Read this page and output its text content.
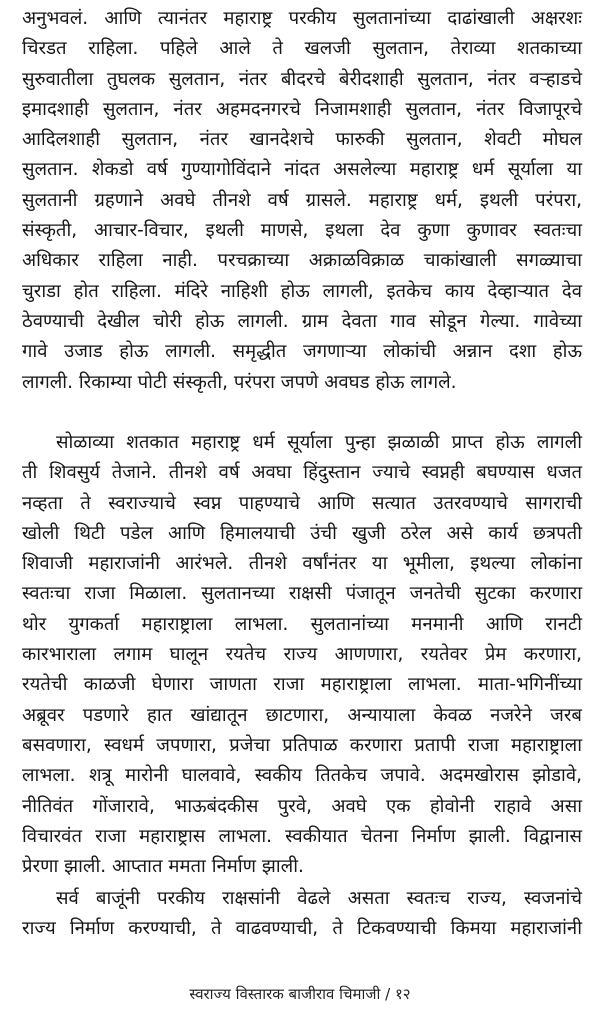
अनुभवलं. आणि त्यानंतर महाराष्ट्र परकीय सुलतानांच्या दाढांखाली अक्षरशः
चिरडत राहिला. पहिले आले ते खलजी सुलतान, तेराव्या शतकाच्या
सुरुवातीला तुघलक सुलतान, नंतर बीदरचे बेरीदशाही सुलतान, नंतर वऱ्हाडचे
इमादशाही सुलतान, नंतर अहमदनगरचे निजामशाही सुलतान, नंतर विजापूरचे
आदिलशाही सुलतान, नंतर खानदेशचे फारुकी सुलतान, शेवटी मोघल
सुलतान. शेकडो वर्ष गुण्यागोविंदाने नांदत असलेल्या महाराष्ट्र धर्म सूर्याला या
सुलतानी ग्रहणाने अवघे तीनशे वर्ष ग्रासले. महाराष्ट्र धर्म, इथली परंपरा,
संस्कृती, आचार-विचार, इथली माणसे, इथला देव कुणा कुणावर स्वतःचा
अधिकार राहिला नाही. परचक्राच्या अक्राळविक्राळ चाकांखाली सगळ्याचा
चुराडा होत राहिला. मंदिरे नाहिशी होऊ लागली, इतकेच काय देव्हाऱ्यात देव
ठेवण्याची देखील चोरी होऊ लागली. ग्राम देवता गाव सोडून गेल्या. गावेच्या
गावे उजाड होऊ लागली. समृद्धीत जगणाऱ्या लोकांची अन्नान दशा होऊ
लागली. रिकाम्या पोटी संस्कृती, परंपरा जपणे अवघड होऊ लागले.
सोळाव्या शतकात महाराष्ट्र धर्म सूर्याला पुन्हा झळाळी प्राप्त होऊ लागली
ती शिवसुर्य तेजाने. तीनशे वर्ष अवघा हिंदुस्तान ज्याचे स्वप्नही बघण्यास धजत
नव्हता ते स्वराज्याचे स्वप्न पाहण्याचे आणि सत्यात उतरवण्याचे सागराची
खोली थिटी पडेल आणि हिमालयाची उंची खुजी ठरेल असे कार्य छत्रपती
शिवाजी महाराजांनी आरंभले. तीनशे वर्षांनंतर या भूमीला, इथल्या लोकांना
स्वतःचा राजा मिळाला. सुलतानच्या राक्षसी पंजातून जनतेची सुटका करणारा
थोर युगकर्ता महाराष्ट्राला लाभला. सुलतानांच्या मनमानी आणि रानटी
कारभाराला लगाम घालून रयतेच राज्य आणणारा, रयतेवर प्रेम करणारा,
रयतेची काळजी घेणारा जाणता राजा महाराष्ट्राला लाभला. माता-भगिनींच्या
अब्रूवर पडणारे हात खांद्यातून छाटणारा, अन्यायाला केवळ नजरेने जरब
बसवणारा, स्वधर्म जपणारा, प्रजेचा प्रतिपाळ करणारा प्रतापी राजा महाराष्ट्राला
लाभला. शत्रू मारोनी घालवावे, स्वकीय तितकेच जपावे. अदमखोरास झोडावे,
नीतिवंत गोंजारावे, भाऊबंदकीस पुरवे, अवघे एक होवोनी राहावे असा
विचारवंत राजा महाराष्ट्रास लाभला. स्वकीयात चेतना निर्माण झाली. विद्वानास
प्रेरणा झाली. आप्तात ममता निर्माण झाली.
सर्व बाजूंनी परकीय राक्षसांनी वेढले असता स्वतःच राज्य, स्वजनांचे
राज्य निर्माण करण्याची, ते वाढवण्याची, ते टिकवण्याची किमया महाराजांनी
स्वराज्य विस्तारक बाजीराव चिमाजी / १२
